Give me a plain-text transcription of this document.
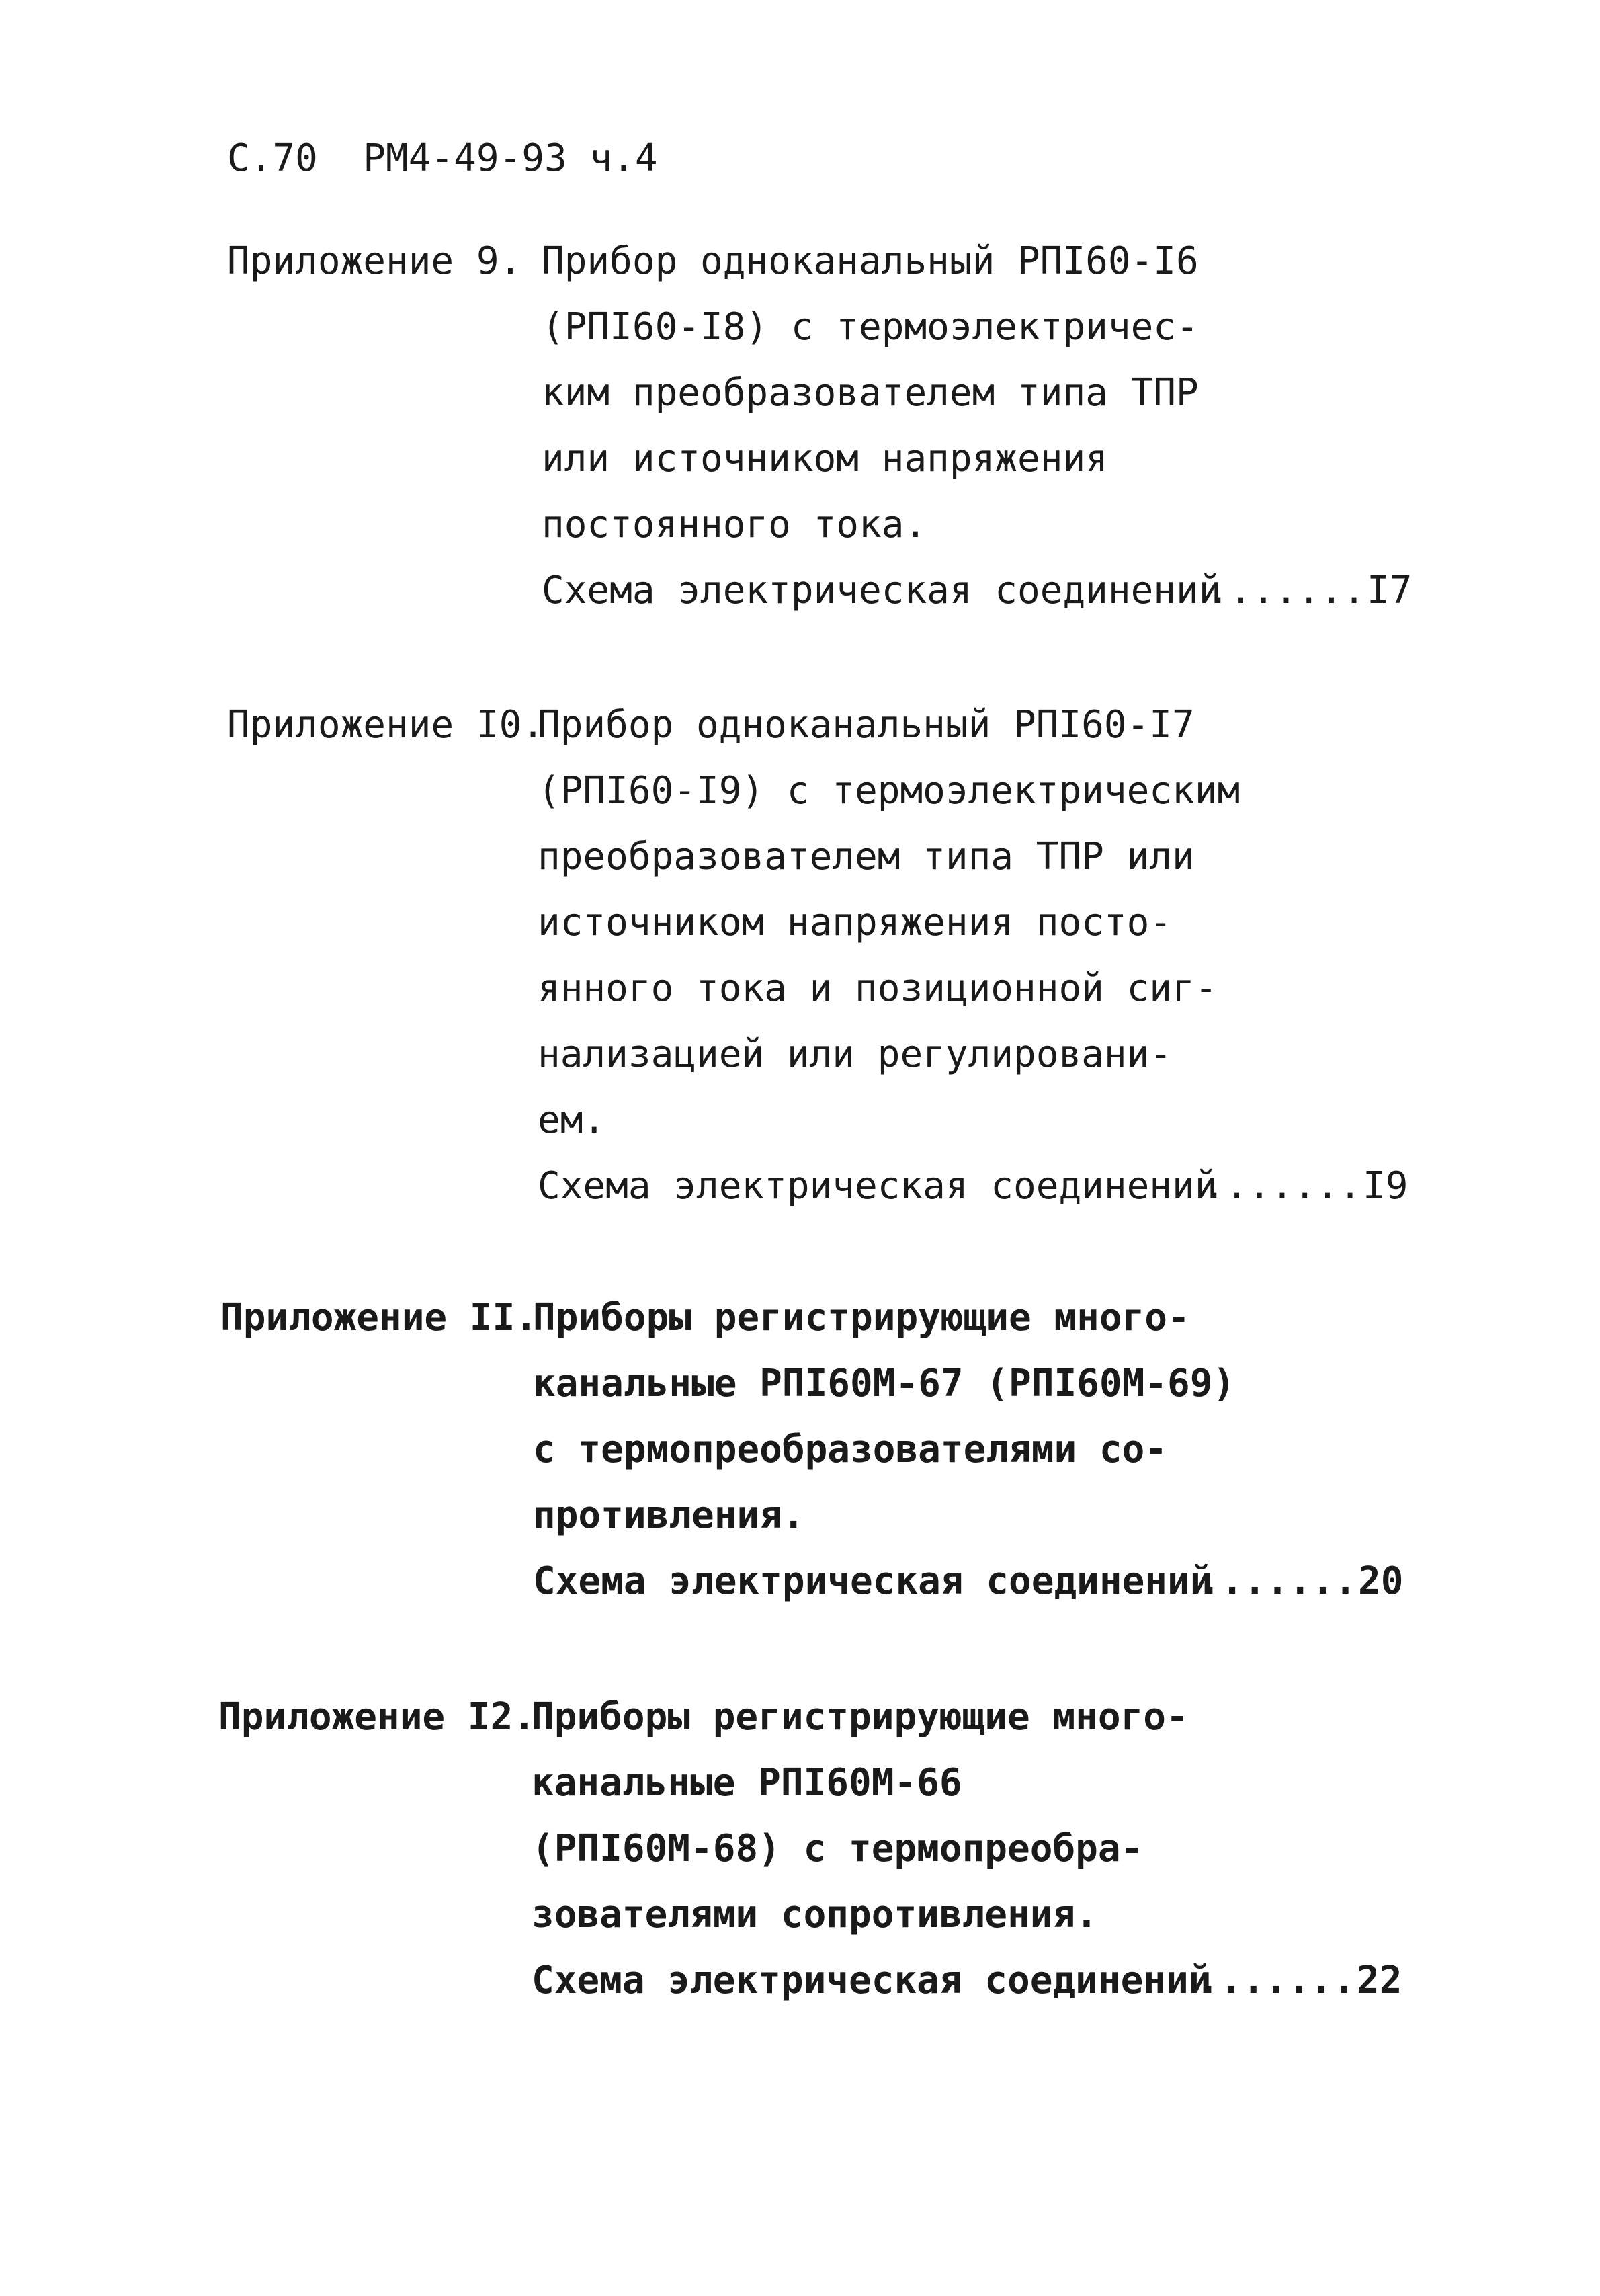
С.70  РМ4-49-93 ч.4
Приложение 9. Прибор одноканальный РПI60-I6
(РПI60-I8) с термоэлектричес-
ким преобразователем типа ТПР
или источником напряжения
постоянного тока.

Схема электрическая соединений

.......

I7

Приложение I0.
Прибор одноканальный РПI60-I7
(РПI60-I9) с термоэлектрическим
преобразователем типа ТПР или
источником напряжения посто-
янного тока и позиционной сиг-
нализацией или регулировани-
ем.

Схема электрическая соединений

.......

I9

Приложение II.
Приборы регистрирующие много-
канальные РПI60М-67 (РПI60М-69)
с термопреобразователями со-
противления.

Схема электрическая соединений

.......

20

Приложение I2.
Приборы регистрирующие много-
канальные РПI60М-66
(РПI60М-68) с термопреобра-
зователями сопротивления.

Схема электрическая соединений

.......

22
